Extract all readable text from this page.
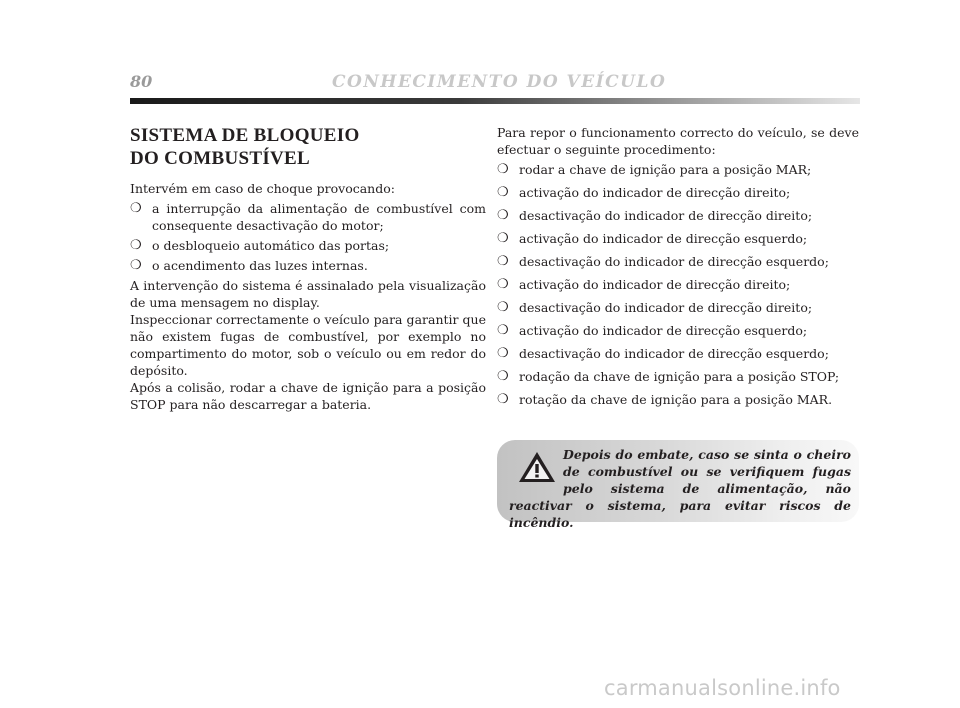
80	CONHECIMENTO DO VEÍCULO
SISTEMA DE BLOQUEIO
DO COMBUSTÍVEL

Intervém em caso de choque provocando:

❍ a interrupção da alimentação de combustível com consequente desactivação do motor;
❍ o desbloqueio automático das portas;
❍ o acendimento das luzes internas.

A intervenção do sistema é assinalado pela visualização de uma mensagem no display.

Inspeccionar correctamente o veículo para garantir que não existem fugas de combustível, por exemplo no compartimento do motor, sob o veículo ou em redor do depósito.

Após a colisão, rodar a chave de ignição para a posição STOP para não descarregar a bateria.

Para repor o funcionamento correcto do veículo, se deve efectuar o seguinte procedimento:

❍ rodar a chave de ignição para a posição MAR;
❍ activação do indicador de direcção direito;
❍ desactivação do indicador de direcção direito;
❍ activação do indicador de direcção esquerdo;
❍ desactivação do indicador de direcção esquerdo;
❍ activação do indicador de direcção direito;
❍ desactivação do indicador de direcção direito;
❍ activação do indicador de direcção esquerdo;
❍ desactivação do indicador de direcção esquerdo;
❍ rodação da chave de ignição para a posição STOP;
❍ rotação da chave de ignição para a posição MAR.
Depois do embate, caso se sinta o cheiro de combustível ou se verifiquem fugas pelo sistema de alimentação, não reactivar o sistema, para evitar riscos de incêndio.
carmanualsonline.info
